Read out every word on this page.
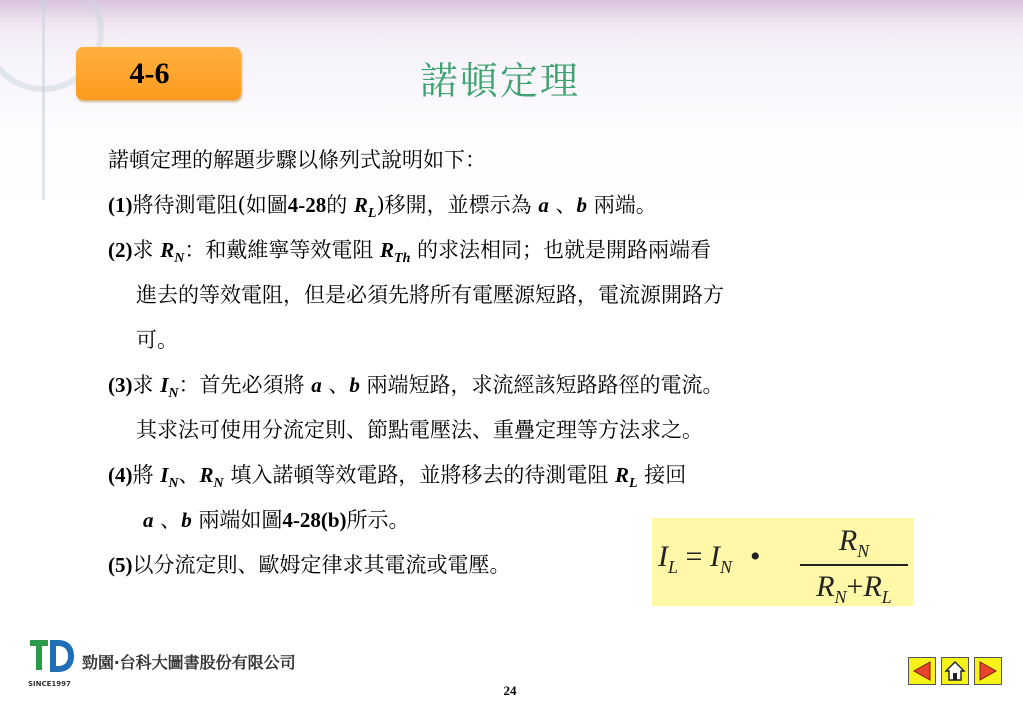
4-6	諾頓定理
諾頓定理的解題步驟以條列式說明如下：
(1)將待測電阻(如圖4-28的 $R_L$)移開，並標示為 a 、b 兩端。
(2)求 $R_N$：和戴維寧等效電阻 $R_{Th}$ 的求法相同；也就是開路兩端看
進去的等效電阻，但是必須先將所有電壓源短路，電流源開路方
可。
(3)求 $I_N$：首先必須將 a 、b 兩端短路，求流經該短路路徑的電流。
其求法可使用分流定則、節點電壓法、重疊定理等方法求之。
(4)將 $I_N$、$R_N$ 填入諾頓等效電路，並將移去的待測電阻 $R_L$ 接回
a 、b 兩端如圖4-28(b)所示。
(5)以分流定則、歐姆定律求其電流或電壓。	$I_L = I_N$ •	$R_N$
$R_N+R_L$
勁園‧台科大圖書股份有限公司
SINCE1997	24
